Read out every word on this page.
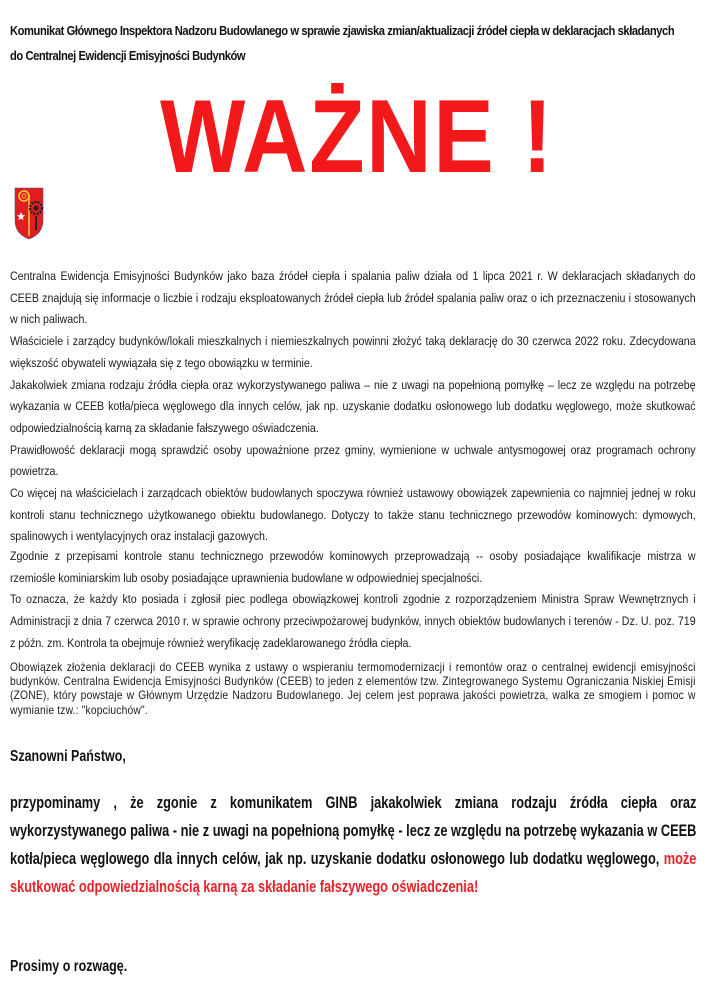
Komunikat Głównego Inspektora Nadzoru Budowlanego w sprawie zjawiska zmian/aktualizacji źródeł ciepła w deklaracjach składanych do Centralnej Ewidencji Emisyjności Budynków
WAŻNE !

Centralna Ewidencja Emisyjności Budynków jako baza źródeł ciepła i spalania paliw działa od 1 lipca 2021 r. W deklaracjach składanych do CEEB znajdują się informacje o liczbie i rodzaju eksploatowanych źródeł ciepła lub źródeł spalania paliw oraz o ich przeznaczeniu i stosowanych w nich paliwach.

Właściciele i zarządcy budynków/lokali mieszkalnych i niemieszkalnych powinni złożyć taką deklarację do 30 czerwca 2022 roku. Zdecydowana większość obywateli wywiązała się z tego obowiązku w terminie.

Jakakolwiek zmiana rodzaju źródła ciepła oraz wykorzystywanego paliwa – nie z uwagi na popełnioną pomyłkę – lecz ze względu na potrzebę wykazania w CEEB kotła/pieca węglowego dla innych celów, jak np. uzyskanie dodatku osłonowego lub dodatku węglowego, może skutkować odpowiedzialnością karną za składanie fałszywego oświadczenia.

Prawidłowość deklaracji mogą sprawdzić osoby upoważnione przez gminy, wymienione w uchwale antysmogowej oraz programach ochrony powietrza.

Co więcej na właścicielach i zarządcach obiektów budowlanych spoczywa również ustawowy obowiązek zapewnienia co najmniej jednej w roku kontroli stanu technicznego użytkowanego obiektu budowlanego. Dotyczy to także stanu technicznego przewodów kominowych: dymowych, spalinowych i wentylacyjnych oraz instalacji gazowych.

Zgodnie z przepisami kontrole stanu technicznego przewodów kominowych przeprowadzają -- osoby posiadające kwalifikacje mistrza w rzemiośle kominiarskim lub osoby posiadające uprawnienia budowlane w odpowiedniej specjalności.

To oznacza, że każdy kto posiada i zgłosił piec podlega obowiązkowej kontroli zgodnie z rozporządzeniem Ministra Spraw Wewnętrznych i Administracji z dnia 7 czerwca 2010 r. w sprawie ochrony przeciwpożarowej budynków, innych obiektów budowlanych i terenów - Dz. U. poz. 719 z późn. zm. Kontrola ta obejmuje również weryfikację zadeklarowanego źródła ciepła.

Obowiązek złożenia deklaracji do CEEB wynika z ustawy o wspieraniu termomodernizacji i remontów oraz o centralnej ewidencji emisyjności budynków. Centralna Ewidencja Emisyjności Budynków (CEEB) to jeden z elementów tzw. Zintegrowanego Systemu Ograniczania Niskiej Emisji (ZONE), który powstaje w Głównym Urzędzie Nadzoru Budowlanego. Jej celem jest poprawa jakości powietrza, walka ze smogiem i pomoc w wymianie tzw.: "kopciuchów".
Szanowni Państwo,
przypominamy , że zgonie z komunikatem GINB jakakolwiek zmiana rodzaju źródła ciepła oraz wykorzystywanego paliwa - nie z uwagi na popełnioną pomyłkę - lecz ze względu na potrzebę wykazania w CEEB kotła/pieca węglowego dla innych celów, jak np. uzyskanie dodatku osłonowego lub dodatku węglowego, może skutkować odpowiedzialnością karną za składanie fałszywego oświadczenia!
Prosimy o rozwagę.
